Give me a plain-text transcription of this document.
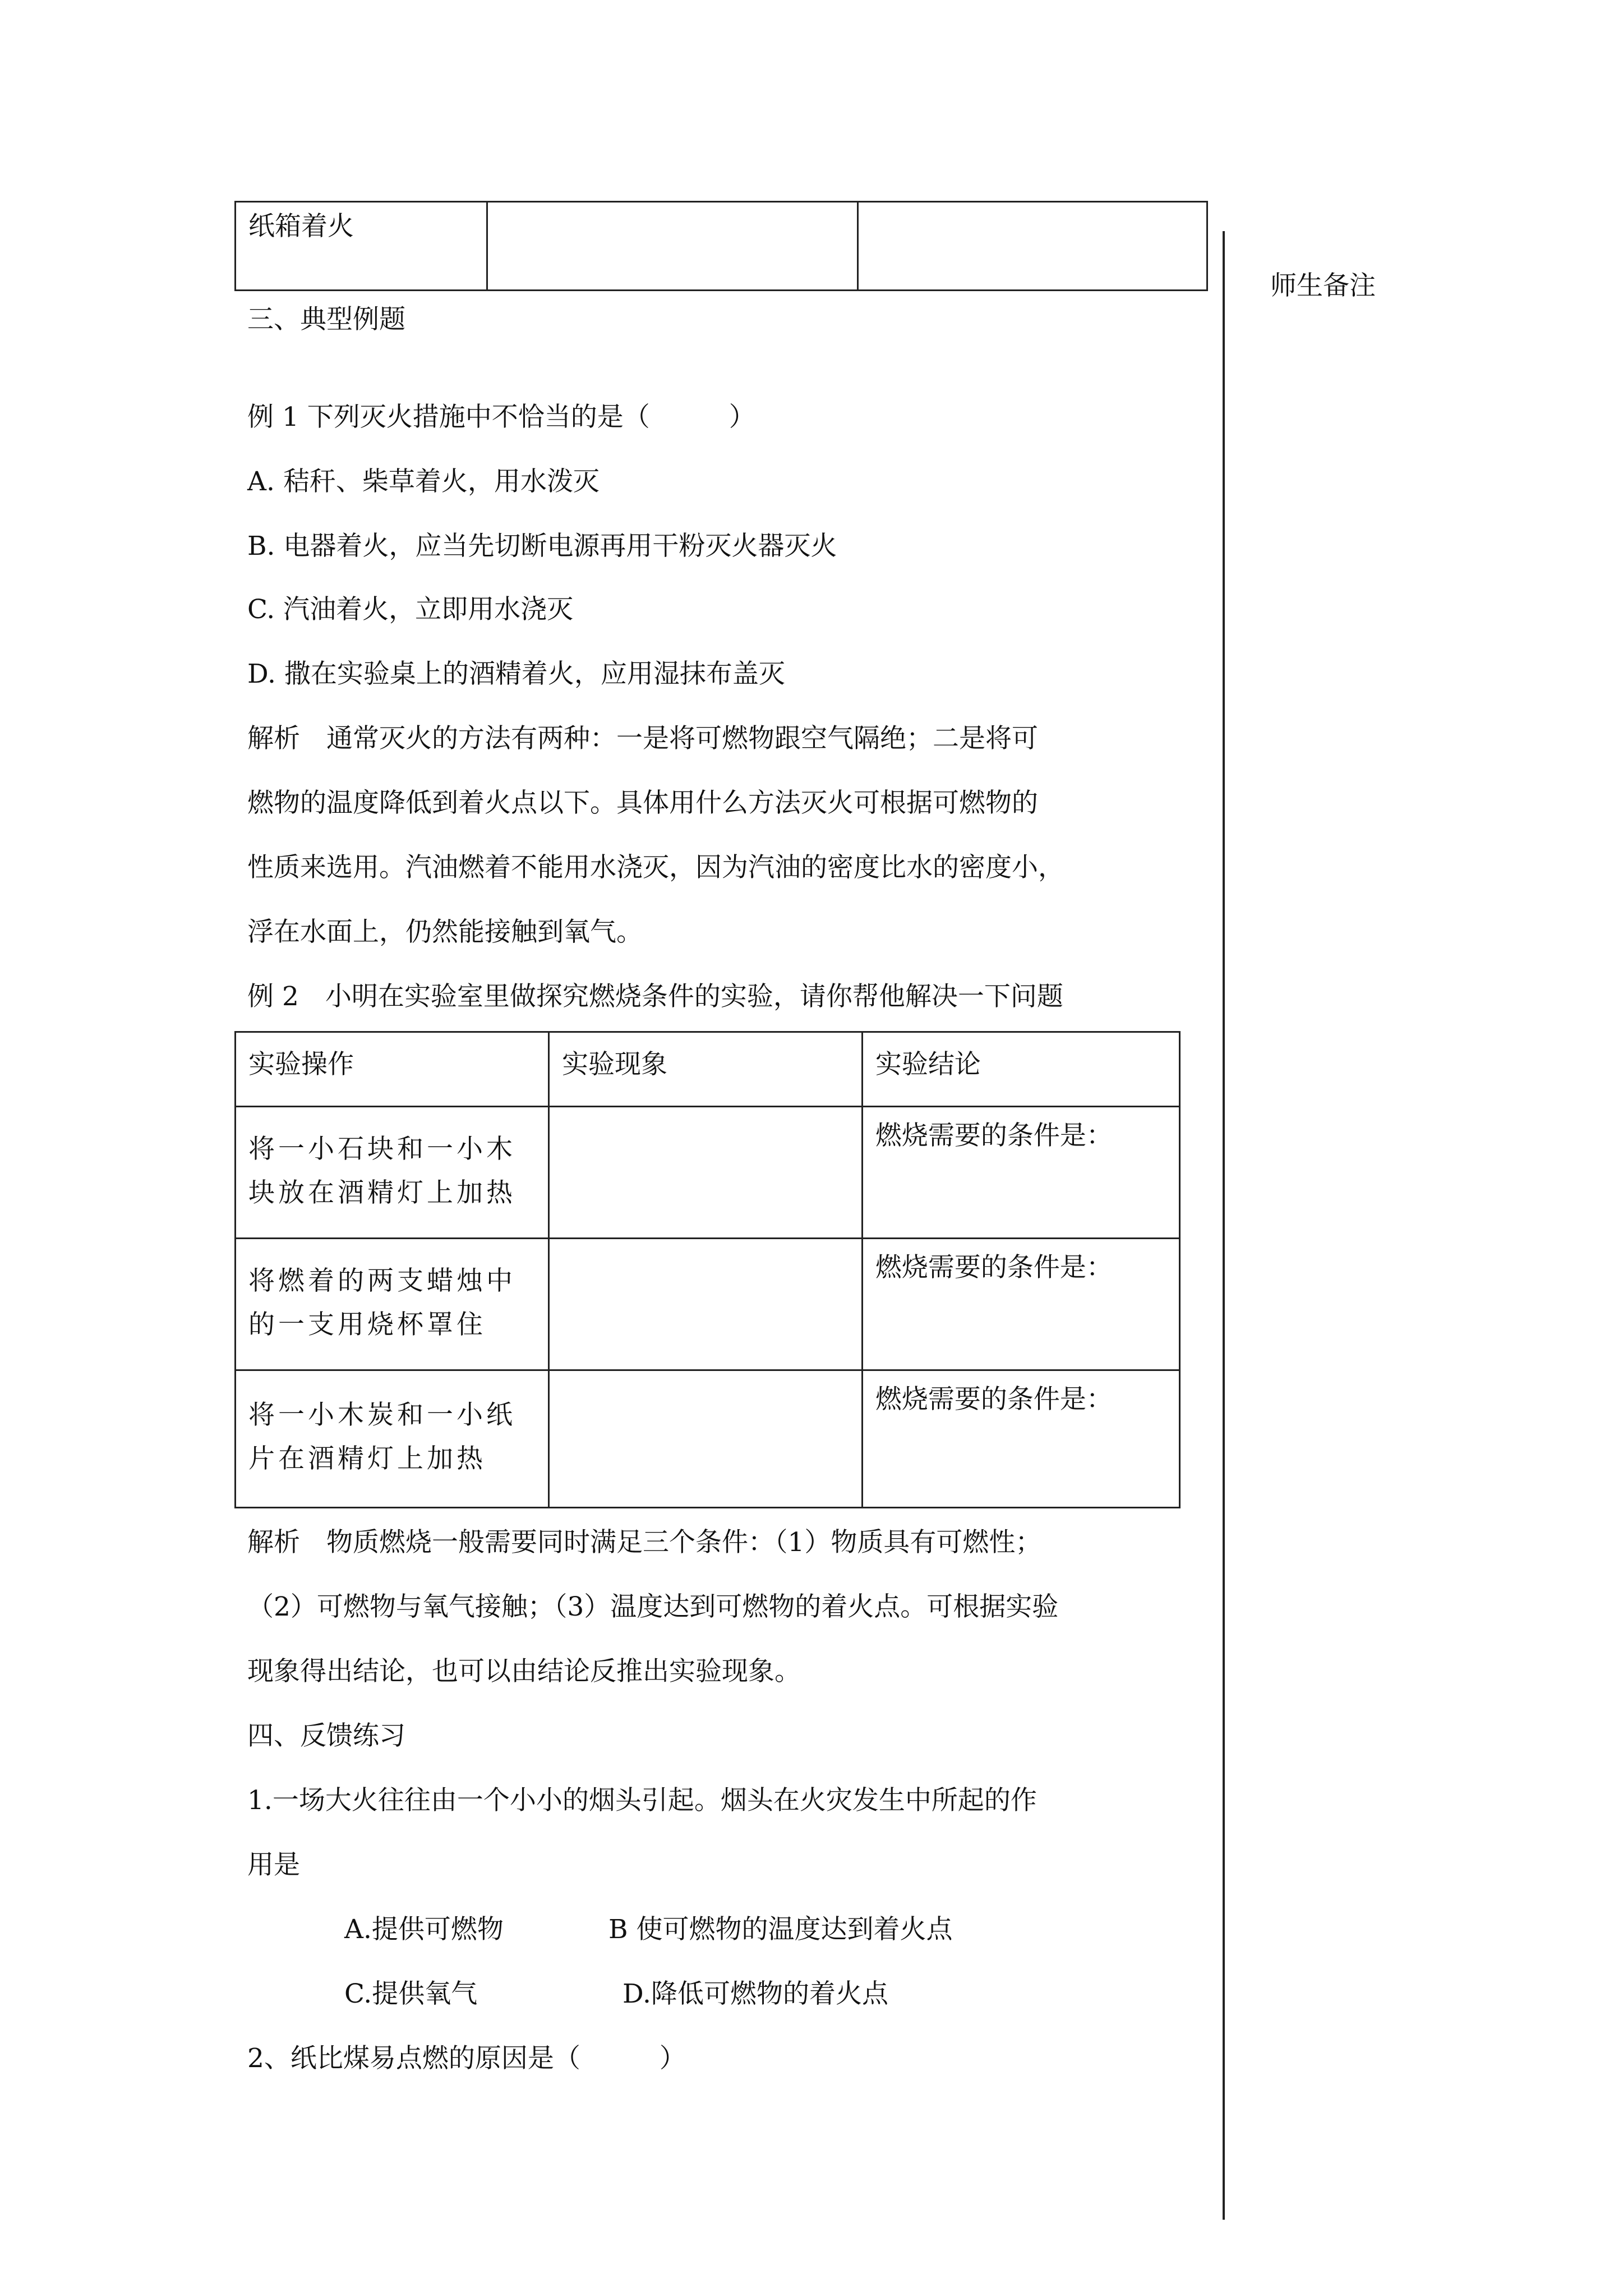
师生备注
纸箱着火

三、典型例题
例 1 下列灭火措施中不恰当的是（　　　）
A. 秸秆、柴草着火，用水泼灭
B. 电器着火，应当先切断电源再用干粉灭火器灭火
C. 汽油着火，立即用水浇灭
D. 撒在实验桌上的酒精着火，应用湿抹布盖灭
解析　通常灭火的方法有两种：一是将可燃物跟空气隔绝；二是将可
燃物的温度降低到着火点以下。具体用什么方法灭火可根据可燃物的
性质来选用。汽油燃着不能用水浇灭，因为汽油的密度比水的密度小，
浮在水面上，仍然能接触到氧气。
例 2　小明在实验室里做探究燃烧条件的实验，请你帮他解决一下问题
实验操作	实验现象	实验结论

将一小石块和一小木
块放在酒精灯上加热		燃烧需要的条件是：

将燃着的两支蜡烛中
的一支用烧杯罩住		燃烧需要的条件是：

将一小木炭和一小纸
片在酒精灯上加热		燃烧需要的条件是：
解析　物质燃烧一般需要同时满足三个条件：（1）物质具有可燃性；
（2）可燃物与氧气接触；（3）温度达到可燃物的着火点。可根据实验
现象得出结论，也可以由结论反推出实验现象。
四、反馈练习
1.一场大火往往由一个小小的烟头引起。烟头在火灾发生中所起的作
用是
A.提供可燃物	B 使可燃物的温度达到着火点
C.提供氧气	D.降低可燃物的着火点
2、纸比煤易点燃的原因是（　　　）
